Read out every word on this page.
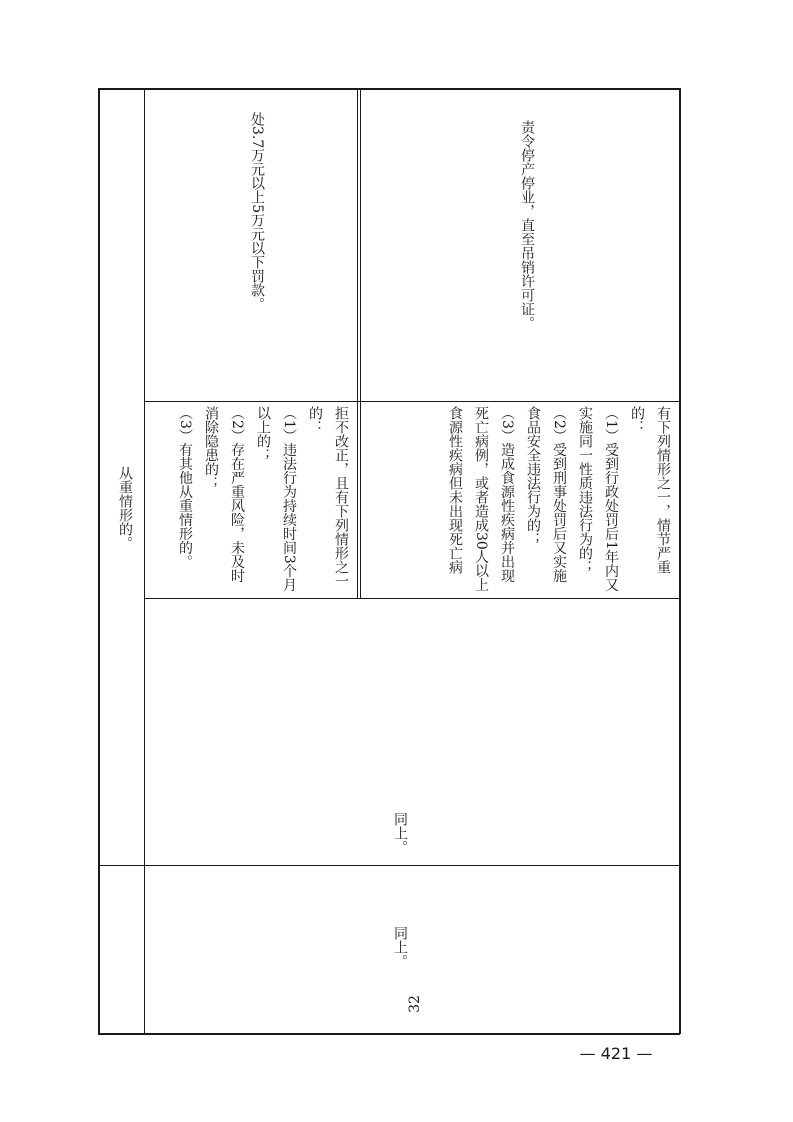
从重情形的。	拒不改正，且有下列情形之一的：
（1）违法行为持续时间3个月以上的；
（2）存在严重风险，未及时消除隐患的；
（3）有其他从重情形的。
处3.7万元以上5万元以下罚款。
有下列情形之一，情节严重的：
（1）受到行政处罚后1年内又实施同一性质违法行为的；
（2）受到刑事处罚后又实施食品安全违法行为的；
（3）造成食源性疾病并出现死亡病例，或者造成30人以上食源性疾病但未出现死亡病
责令停产停业，直至吊销许可证。
同上。
同上。
32
— 421 —
